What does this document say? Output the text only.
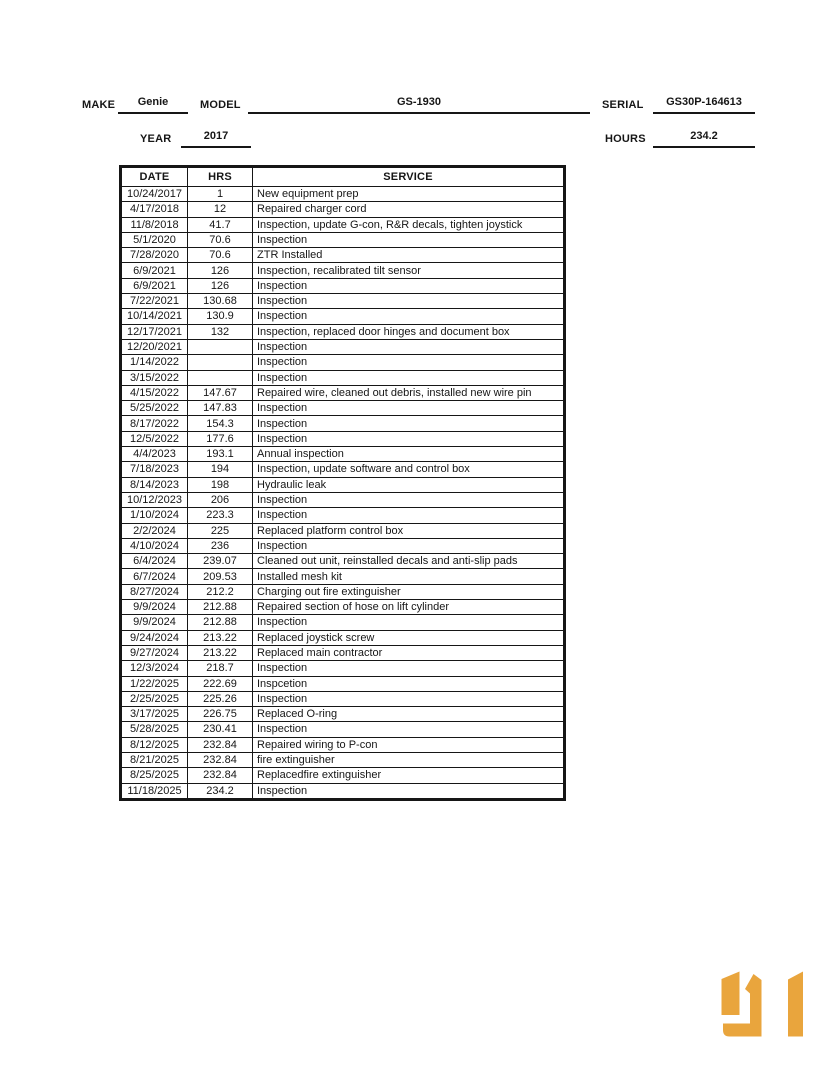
MAKE	Genie	MODEL	GS-1930	SERIAL	GS30P-164613
YEAR	2017	HOURS	234.2
DATE	HRS	SERVICE
10/24/2017	1	New equipment prep
4/17/2018	12	Repaired charger cord
11/8/2018	41.7	Inspection, update G-con, R&R decals, tighten joystick
5/1/2020	70.6	Inspection
7/28/2020	70.6	ZTR Installed
6/9/2021	126	Inspection, recalibrated tilt sensor
6/9/2021	126	Inspection
7/22/2021	130.68	Inspection
10/14/2021	130.9	Inspection
12/17/2021	132	Inspection, replaced door hinges and document box
12/20/2021		Inspection
1/14/2022		Inspection
3/15/2022		Inspection
4/15/2022	147.67	Repaired wire, cleaned out debris, installed new wire pin
5/25/2022	147.83	Inspection
8/17/2022	154.3	Inspection
12/5/2022	177.6	Inspection
4/4/2023	193.1	Annual inspection
7/18/2023	194	Inspection, update software and control box
8/14/2023	198	Hydraulic leak
10/12/2023	206	Inspection
1/10/2024	223.3	Inspection
2/2/2024	225	Replaced platform control box
4/10/2024	236	Inspection
6/4/2024	239.07	Cleaned out unit, reinstalled decals and anti-slip pads
6/7/2024	209.53	Installed mesh kit
8/27/2024	212.2	Charging out fire extinguisher
9/9/2024	212.88	Repaired section of hose on lift cylinder
9/9/2024	212.88	Inspection
9/24/2024	213.22	Replaced joystick screw
9/27/2024	213.22	Replaced main contractor
12/3/2024	218.7	Inspection
1/22/2025	222.69	Inspcetion
2/25/2025	225.26	Inspection
3/17/2025	226.75	Replaced O-ring
5/28/2025	230.41	Inspection
8/12/2025	232.84	Repaired wiring to P-con
8/21/2025	232.84	fire extinguisher
8/25/2025	232.84	Replacedfire extinguisher
11/18/2025	234.2	Inspection
